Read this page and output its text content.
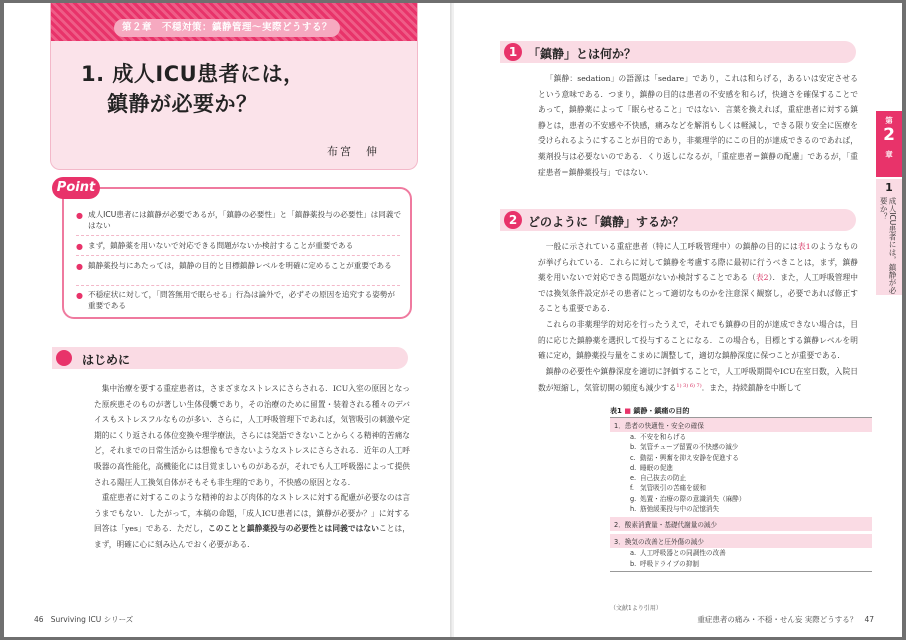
第２章　不穏対策：鎮静管理〜実際どうする？
1. 成人ICU患者には，
鎮静が必要か？
布宮　伸
● 成人ICU患者には鎮静が必要であるが，「鎮静の必要性」と「鎮静薬投与の必要性」は同義ではない
● まず，鎮静薬を用いないで対応できる問題がないか検討することが重要である
● 鎮静薬投与にあたっては，鎮静の目的と目標鎮静レベルを明確に定めることが重要である
● 不穏症状に対して，「問答無用で眠らせる」行為は論外で，必ずその原因を追究する姿勢が重要である
Point
はじめに

集中治療を要する重症患者は，さまざまなストレスにさらされる．ICU入室の原因となった原疾患そのものが著しい生体侵襲であり，その治療のために留置・装着される種々のデバイスもストレスフルなものが多い．さらに，人工呼吸管理下であれば，気管吸引の刺激や定期的にくり返される体位変換や理学療法，さらには発語できないことからくる精神的苦痛など，それまでの日常生活からは想像もできないようなストレスにさらされる．近年の人工呼吸器の高性能化，高機能化には目覚ましいものがあるが，それでも人工呼吸器によって提供される陽圧人工換気自体がそもそも非生理的であり，不快感の原因となる．

重症患者に対するこのような精神的および肉体的なストレスに対する配慮が必要なのは言うまでもない．したがって，本稿の命題，「成人ICU患者には，鎮静が必要か？」に対する回答は「yes」である．ただし，このことと鎮静薬投与の必要性とは同義ではないことは，まず，明確に心に刻み込んでおく必要がある．

46 Surviving ICU シリーズ
1 「鎮静」とは何か？

「鎮静：sedation」の語源は「sedare」であり，これは和らげる，あるいは安定させるという意味である．つまり，鎮静の目的は患者の不安感を和らげ，快適さを確保することであって，鎮静薬によって「眠らせること」ではない．言葉を換えれば，重症患者に対する鎮静とは，患者の不安感や不快感，痛みなどを解消もしくは軽減し，できる限り安全に医療を受けられるようにすることが目的であり，非薬理学的にこの目的が達成できるのであれば，薬剤投与は必要ないのである．くり返しになるが，「重症患者＝鎮静の配慮」であるが，「重症患者＝鎮静薬投与」ではない．

2 どのように「鎮静」するか？

一般に示されている重症患者（特に人工呼吸管理中）の鎮静の目的には表1のようなものが挙げられている．これらに対して鎮静を考慮する際に最初に行うべきことは，まず，鎮静薬を用いないで対応できる問題がないか検討することである（表2）．また，人工呼吸管理中では換気条件設定がその患者にとって適切なものかを注意深く観察し，必要であれば修正することも重要である．

これらの非薬理学的対応を行ったうえで，それでも鎮静の目的が達成できない場合は，目的に応じた鎮静薬を選択して投与することになる．この場合も，目標とする鎮静レベルを明確に定め，鎮静薬投与量をこまめに調整して，適切な鎮静深度に保つことが重要である．

鎮静の必要性や鎮静深度を適切に評価することで，人工呼吸期間やICU在室日数，入院日数が短縮し，気管切開の頻度も減少する$^{1) 3) 6) 7)}$．また，持続鎮静を中断して

表1 ■ 鎮静・鎮痛の目的
1．患者の快適性・安全の確保
a. 不安を和らげる
b. 気管チューブ留置の不快感の減少
c. 動揺・興奮を抑え安静を促進する
d. 睡眠の促進
e. 自己抜去の防止
f. 気管吸引の苦痛を緩和
g. 処置・治療の際の意識消失（麻酔）
h. 筋弛緩薬投与中の記憶消失
2．酸素消費量・基礎代謝量の減少
3．換気の改善と圧外傷の減少
a. 人工呼吸器との同調性の改善
b. 呼吸ドライブの抑制
（文献1より引用）
第
2
章
1
成人ICU患者には，鎮静が必要か？
重症患者の痛み・不穏・せん妄 実際どうする？ 47
